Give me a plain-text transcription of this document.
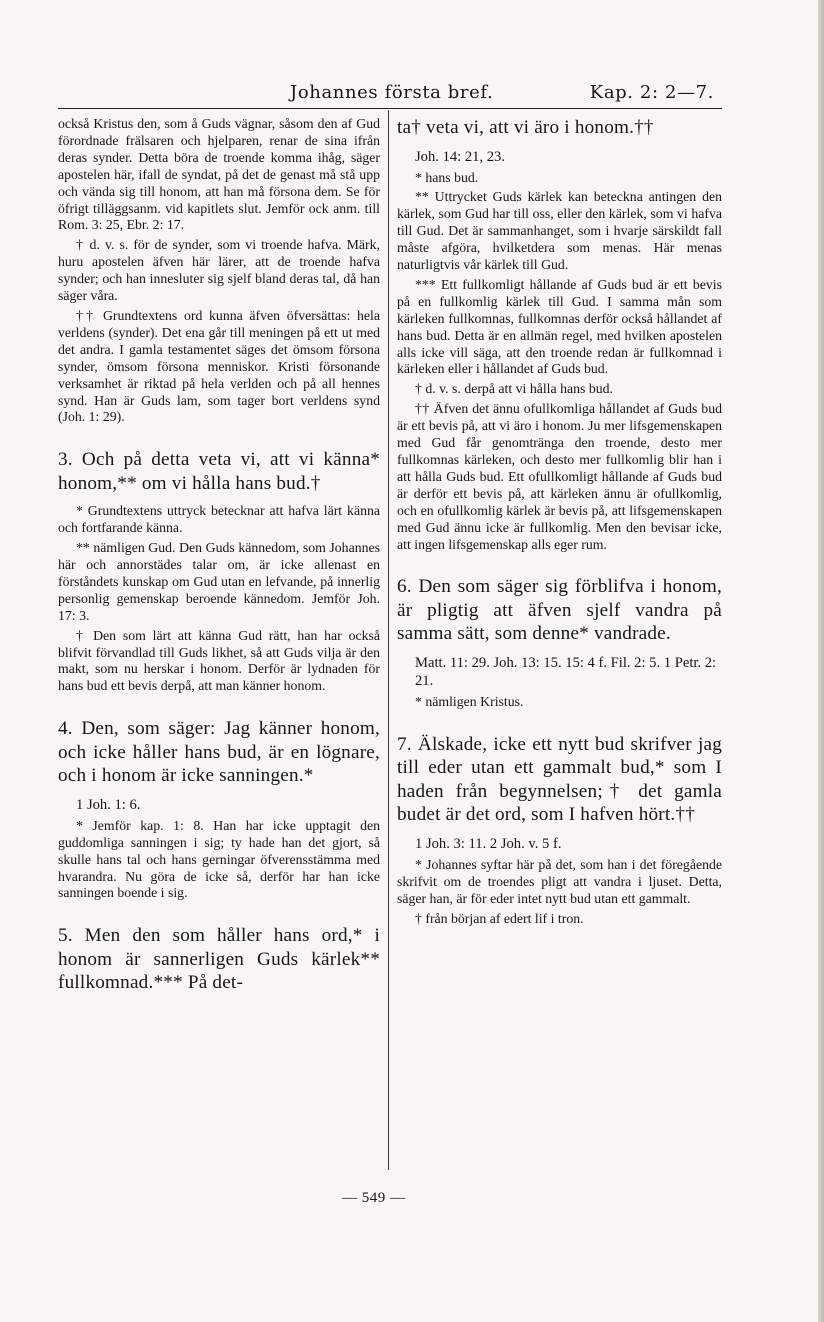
Johannes första bref.	Kap. 2: 2—7.

också Kristus den, som å Guds vägnar, såsom den af Gud förordnade frälsaren och hjelparen, renar de sina ifrån deras synder. Detta böra de troende komma ihåg, säger apostelen här, ifall de syndat, på det de genast må stå upp och vända sig till honom, att han må försona dem. Se för öfrigt tilläggsanm. vid kapitlets slut. Jemför ock anm. till Rom. 3: 25, Ebr. 2: 17.

† d. v. s. för de synder, som vi troende hafva. Märk, huru apostelen äfven här lärer, att de troende hafva synder; och han innesluter sig sjelf bland deras tal, då han säger våra.

†† Grundtextens ord kunna äfven öfversättas: hela verldens (synder). Det ena går till meningen på ett ut med det andra. I gamla testamentet säges det ömsom försona synder, ömsom försona menniskor. Kristi försonande verksamhet är riktad på hela verlden och på all hennes synd. Han är Guds lam, som tager bort verldens synd (Joh. 1: 29).

3. Och på detta veta vi, att vi känna* honom,** om vi hålla hans bud.†

* Grundtextens uttryck betecknar att hafva lärt känna och fortfarande känna.

** nämligen Gud. Den Guds kännedom, som Johannes här och annorstädes talar om, är icke allenast en förståndets kunskap om Gud utan en lefvande, på innerlig personlig gemenskap beroende kännedom. Jemför Joh. 17: 3.

† Den som lärt att känna Gud rätt, han har också blifvit förvandlad till Guds likhet, så att Guds vilja är den makt, som nu herskar i honom. Derför är lydnaden för hans bud ett bevis derpå, att man känner honom.

4. Den, som säger: Jag känner honom, och icke håller hans bud, är en lögnare, och i honom är icke sanningen.*

1 Joh. 1: 6.

* Jemför kap. 1: 8. Han har icke upptagit den guddomliga sanningen i sig; ty hade han det gjort, så skulle hans tal och hans gerningar öfverensstämma med hvarandra. Nu göra de icke så, derför har han icke sanningen boende i sig.

5. Men den som håller hans ord,* i honom är sannerligen Guds kärlek** fullkomnad.*** På det-

ta† veta vi, att vi äro i honom.††

Joh. 14: 21, 23.

* hans bud.

** Uttrycket Guds kärlek kan beteckna antingen den kärlek, som Gud har till oss, eller den kärlek, som vi hafva till Gud. Det är sammanhanget, som i hvarje särskildt fall måste afgöra, hvilketdera som menas. Här menas naturligtvis vår kärlek till Gud.

*** Ett fullkomligt hållande af Guds bud är ett bevis på en fullkomlig kärlek till Gud. I samma mån som kärleken fullkomnas, fullkomnas derför också hållandet af hans bud. Detta är en allmän regel, med hvilken apostelen alls icke vill säga, att den troende redan är fullkomnad i kärleken eller i hållandet af Guds bud.

† d. v. s. derpå att vi hålla hans bud.

†† Äfven det ännu ofullkomliga hållandet af Guds bud är ett bevis på, att vi äro i honom. Ju mer lifsgemenskapen med Gud får genomtränga den troende, desto mer fullkomnas kärleken, och desto mer fullkomlig blir han i att hålla Guds bud. Ett ofullkomligt hållande af Guds bud är derför ett bevis på, att kärleken ännu är ofullkomlig, och en ofullkomlig kärlek är bevis på, att lifsgemenskapen med Gud ännu icke är fullkomlig. Men den bevisar icke, att ingen lifsgemenskap alls eger rum.

6. Den som säger sig förblifva i honom, är pligtig att äfven sjelf vandra på samma sätt, som denne* vandrade.

Matt. 11: 29. Joh. 13: 15. 15: 4 f. Fil. 2: 5. 1 Petr. 2: 21.

* nämligen Kristus.

7. Älskade, icke ett nytt bud skrifver jag till eder utan ett gammalt bud,* som I haden från begynnelsen;† det gamla budet är det ord, som I hafven hört.††

1 Joh. 3: 11. 2 Joh. v. 5 f.

* Johannes syftar här på det, som han i det föregående skrifvit om de troendes pligt att vandra i ljuset. Detta, säger han, är för eder intet nytt bud utan ett gammalt.

† från början af edert lif i tron.

— 549 —
